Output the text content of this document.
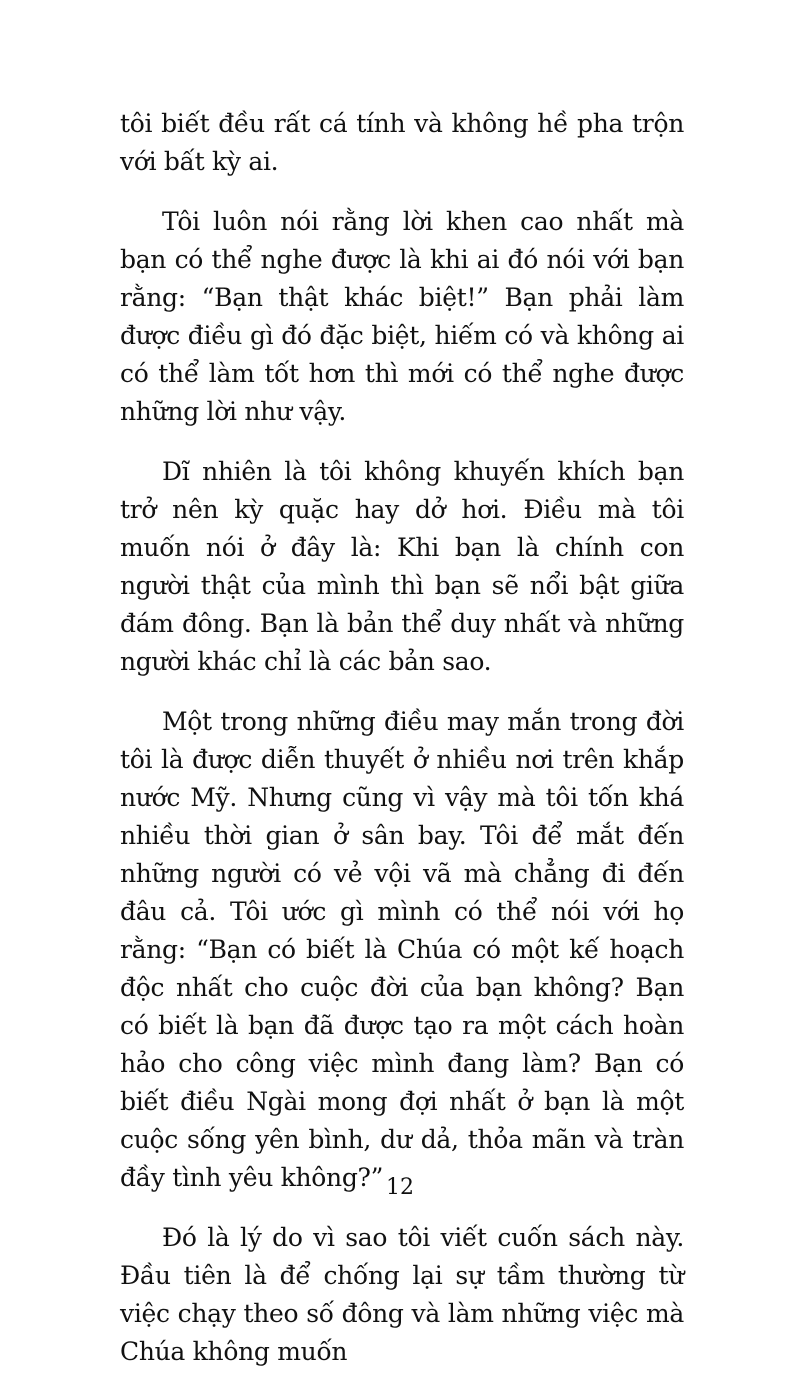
tôi biết đều rất cá tính và không hề pha trộn với bất kỳ ai.

Tôi luôn nói rằng lời khen cao nhất mà bạn có thể nghe được là khi ai đó nói với bạn rằng: “Bạn thật khác biệt!” Bạn phải làm được điều gì đó đặc biệt, hiếm có và không ai có thể làm tốt hơn thì mới có thể nghe được những lời như vậy.

Dĩ nhiên là tôi không khuyến khích bạn trở nên kỳ quặc hay dở hơi. Điều mà tôi muốn nói ở đây là: Khi bạn là chính con người thật của mình thì bạn sẽ nổi bật giữa đám đông. Bạn là bản thể duy nhất và những người khác chỉ là các bản sao.

Một trong những điều may mắn trong đời tôi là được diễn thuyết ở nhiều nơi trên khắp nước Mỹ. Nhưng cũng vì vậy mà tôi tốn khá nhiều thời gian ở sân bay. Tôi để mắt đến những người có vẻ vội vã mà chẳng đi đến đâu cả. Tôi ước gì mình có thể nói với họ rằng: “Bạn có biết là Chúa có một kế hoạch độc nhất cho cuộc đời của bạn không? Bạn có biết là bạn đã được tạo ra một cách hoàn hảo cho công việc mình đang làm? Bạn có biết điều Ngài mong đợi nhất ở bạn là một cuộc sống yên bình, dư dả, thỏa mãn và tràn đầy tình yêu không?”

Đó là lý do vì sao tôi viết cuốn sách này. Đầu tiên là để chống lại sự tầm thường từ việc chạy theo số đông và làm những việc mà Chúa không muốn

12
